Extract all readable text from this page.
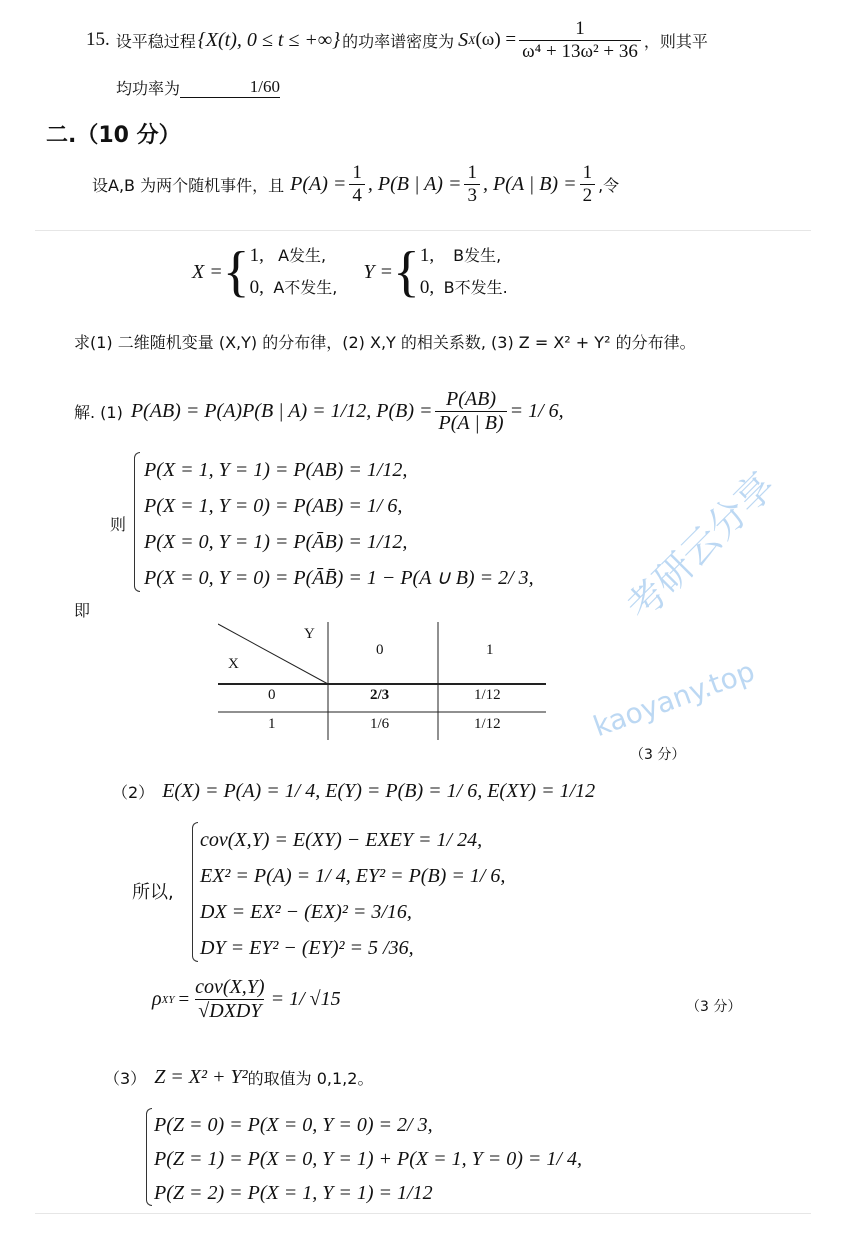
考研云分享
kaoyany.top
15. 设平稳过程 {X(t), 0 ≤ t ≤ +∞} 的功率谱密度为 S X $(\omega) = \frac{1}{\text{ω⁴ + 13ω² + 36}}$ ，则其平
均功率为	1/60
二.（10 分）
设A,B 为两个随机事件，且 $P(A) = \frac{1}{4}$ , P(B | $A) = \frac{1}{3}$ , P(A | $B) = \frac{1}{2}$ ,令
X = { 1, A发生,
0, A不发生,
Y = { 1, B发生,
0, B不发生.
求(1) 二维随机变量 (X,Y) 的分布律，(2) X,Y 的相关系数, (3) Z = X² + Y² 的分布律。
解. (1) P(AB) = P(A)P(B | A) = 1/12, $P(B) = \frac{P(AB)}{P(A | B)} = 1/$ 6,
则
P(X = 1, Y = 1) = P(AB) = 1/12,
P(X = 1, Y = 0) = P(AB) = 1/ 6,
P(X = 0, Y = 1) = P(ĀB) = 1/12,
P(X = 0, Y = 0) = P(ĀB̄) = 1 − P(A ∪ B) = 2/ 3,
即
Y
X
0	1
0	2/3	1/12
1	1/6	1/12
（3 分）
（2） E(X) = P(A) = 1/ 4, E(Y) = P(B) = 1/ 6, E(XY) = 1/12
所以,
cov(X,Y) = E(XY) − EXEY = 1/ 24,
EX² = P(A) = 1/ 4, EY² = P(B) = 1/ 6,
DX = EX² − (EX)² = 3/16,
DY = EY² − (EY)² = 5 /36,
ρ XY =
cov(X,Y)
√DXDY
= 1/ √15	（3 分）
（3） Z = X² + Y² 的取值为 0,1,2。
P(Z = 0) = P(X = 0, Y = 0) = 2/ 3,
P(Z = 1) = P(X = 0, Y = 1) + P(X = 1, Y = 0) = 1/ 4,
P(Z = 2) = P(X = 1, Y = 1) = 1/12
